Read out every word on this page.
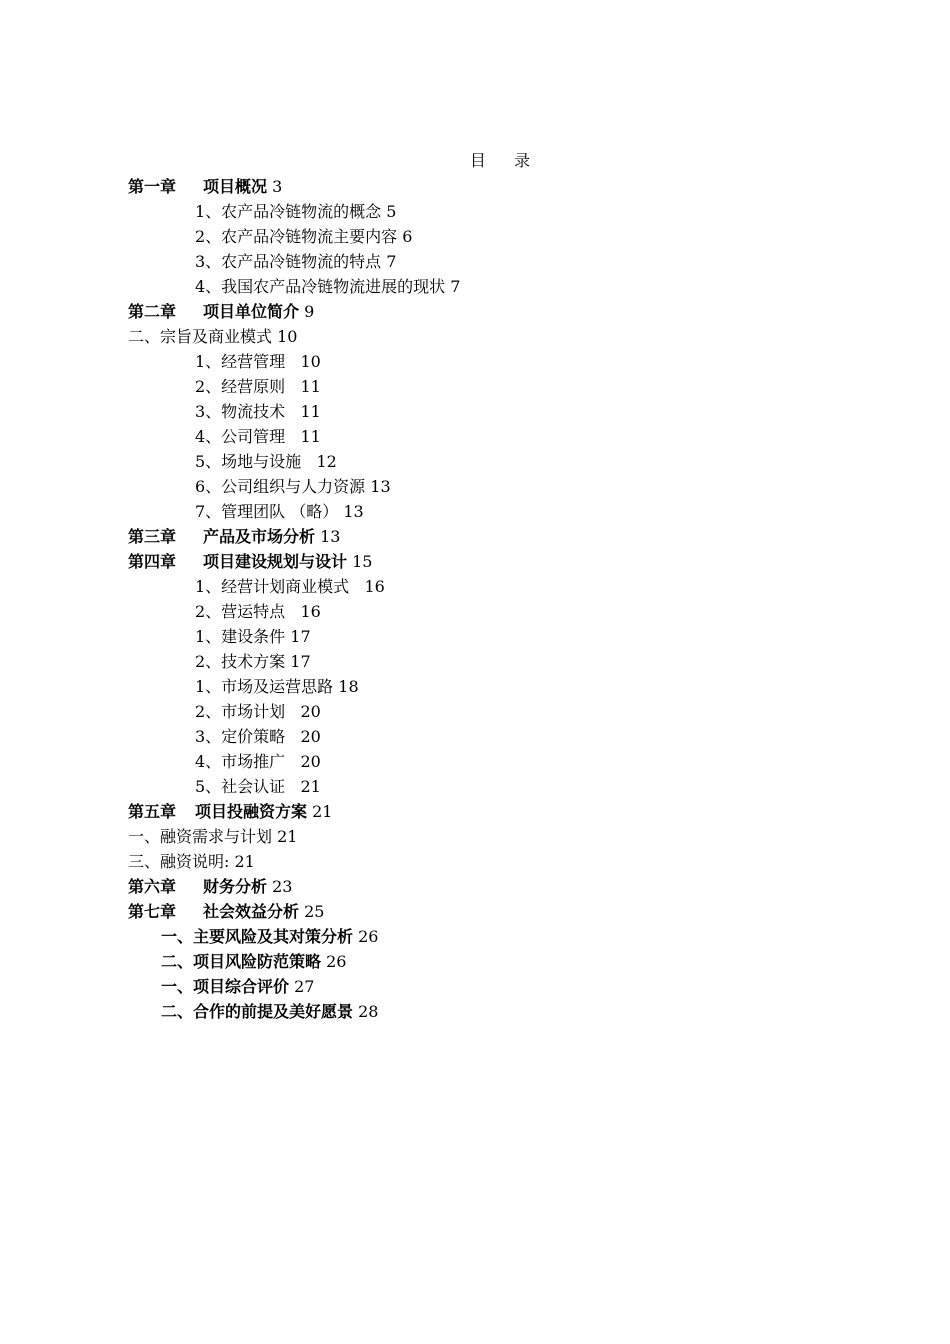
目  录
第一章 项目概况 3
1、农产品冷链物流的概念 5
2、农产品冷链物流主要内容 6
3、农产品冷链物流的特点 7
4、我国农产品冷链物流进展的现状 7
第二章 项目单位简介 9
二、宗旨及商业模式 10
1、经营管理   10
2、经营原则   11
3、物流技术   11
4、公司管理   11
5、场地与设施   12
6、公司组织与人力资源 13
7、管理团队 （略） 13
第三章 产品及市场分析 13
第四章 项目建设规划与设计 15
1、经营计划商业模式   16
2、营运特点   16
1、建设条件 17
2、技术方案 17
1、市场及运营思路 18
2、市场计划   20
3、定价策略   20
4、市场推广   20
5、社会认证   21
第五章 项目投融资方案 21
一、融资需求与计划 21
三、融资说明: 21
第六章 财务分析 23
第七章 社会效益分析 25
一、主要风险及其对策分析 26
二、项目风险防范策略 26
一、项目综合评价 27
二、合作的前提及美好愿景 28
